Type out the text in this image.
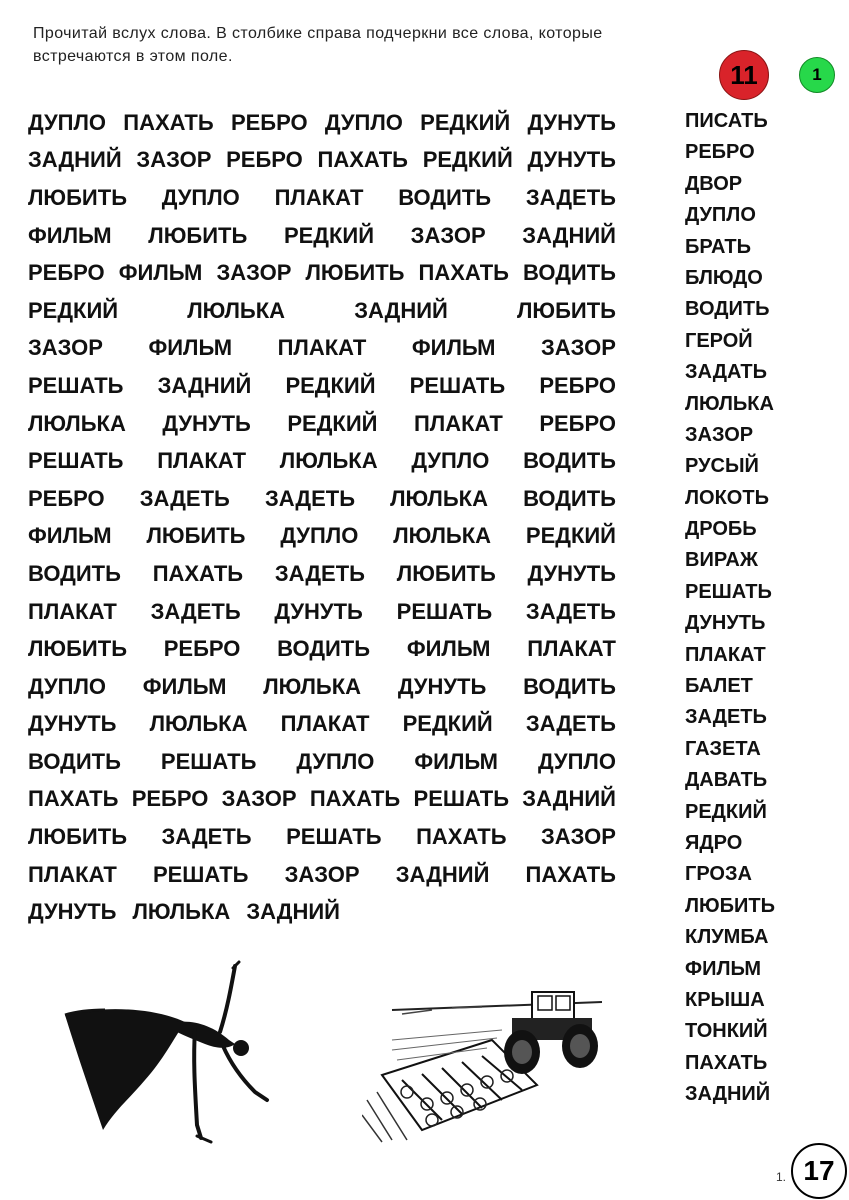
Прочитай вслух слова. В столбике справа подчеркни все слова, которые
встречаются в этом поле.
11	1
ДУПЛО ПАХАТЬ РЕБРО ДУПЛО РЕДКИЙ ДУНУТЬ
ЗАДНИЙ ЗАЗОР РЕБРО ПАХАТЬ РЕДКИЙ ДУНУТЬ
ЛЮБИТЬ ДУПЛО ПЛАКАТ ВОДИТЬ ЗАДЕТЬ
ФИЛЬМ ЛЮБИТЬ РЕДКИЙ ЗАЗОР ЗАДНИЙ
РЕБРО ФИЛЬМ ЗАЗОР ЛЮБИТЬ ПАХАТЬ ВОДИТЬ
РЕДКИЙ	ЛЮЛЬКА	ЗАДНИЙ	ЛЮБИТЬ
ЗАЗОР ФИЛЬМ ПЛАКАТ ФИЛЬМ ЗАЗОР
РЕШАТЬ ЗАДНИЙ РЕДКИЙ РЕШАТЬ РЕБРО
ЛЮЛЬКА ДУНУТЬ РЕДКИЙ ПЛАКАТ РЕБРО
РЕШАТЬ ПЛАКАТ ЛЮЛЬКА ДУПЛО ВОДИТЬ
РЕБРО ЗАДЕТЬ ЗАДЕТЬ ЛЮЛЬКА ВОДИТЬ
ФИЛЬМ ЛЮБИТЬ ДУПЛО ЛЮЛЬКА РЕДКИЙ
ВОДИТЬ ПАХАТЬ ЗАДЕТЬ ЛЮБИТЬ ДУНУТЬ
ПЛАКАТ ЗАДЕТЬ ДУНУТЬ РЕШАТЬ ЗАДЕТЬ
ЛЮБИТЬ РЕБРО ВОДИТЬ ФИЛЬМ ПЛАКАТ
ДУПЛО ФИЛЬМ ЛЮЛЬКА ДУНУТЬ ВОДИТЬ
ДУНУТЬ ЛЮЛЬКА ПЛАКАТ РЕДКИЙ ЗАДЕТЬ
ВОДИТЬ РЕШАТЬ ДУПЛО ФИЛЬМ ДУПЛО
ПАХАТЬ РЕБРО ЗАЗОР ПАХАТЬ РЕШАТЬ ЗАДНИЙ
ЛЮБИТЬ ЗАДЕТЬ РЕШАТЬ ПАХАТЬ ЗАЗОР
ПЛАКАТ РЕШАТЬ ЗАЗОР ЗАДНИЙ ПАХАТЬ
ДУНУТЬ ЛЮЛЬКА ЗАДНИЙ
ПИСАТЬ
РЕБРО
ДВОР
ДУПЛО
БРАТЬ
БЛЮДО
ВОДИТЬ
ГЕРОЙ
ЗАДАТЬ
ЛЮЛЬКА
ЗАЗОР
РУСЫЙ
ЛОКОТЬ
ДРОБЬ
ВИРАЖ
РЕШАТЬ
ДУНУТЬ
ПЛАКАТ
БАЛЕТ
ЗАДЕТЬ
ГАЗЕТА
ДАВАТЬ
РЕДКИЙ
ЯДРО
ГРОЗА
ЛЮБИТЬ
КЛУМБА
ФИЛЬМ
КРЫША
ТОНКИЙ
ПАХАТЬ
ЗАДНИЙ
17
1.
